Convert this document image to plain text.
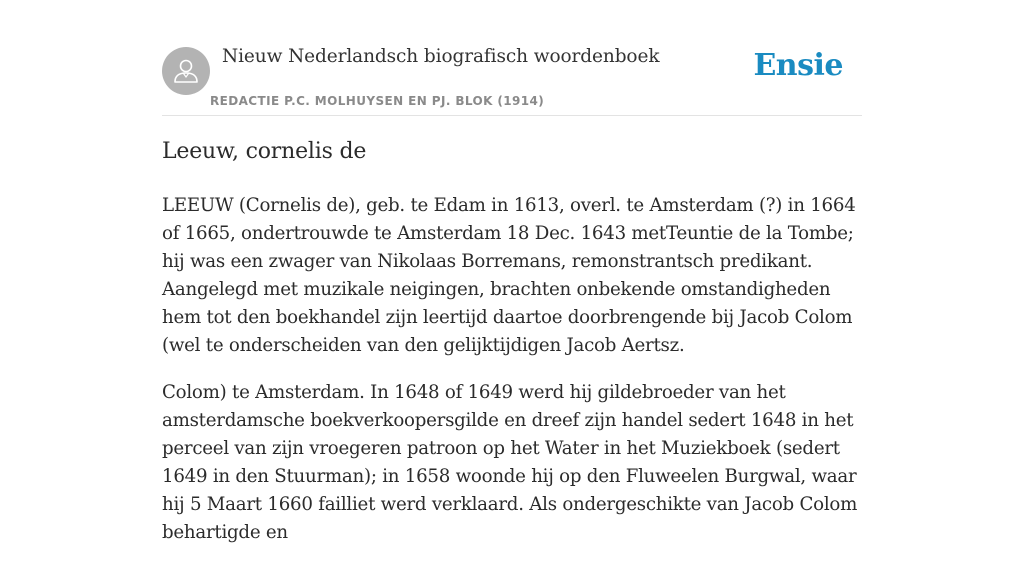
Nieuw Nederlandsch biografisch woordenboek
REDACTIE P.C. MOLHUYSEN EN PJ. BLOK (1914)
Ensie
Leeuw, cornelis de

LEEUW (Cornelis de), geb. te Edam in 1613, overl. te Amsterdam (?) in 1664 of 1665, ondertrouwde te Amsterdam 18 Dec. 1643 metTeuntie de la Tombe; hij was een zwager van Nikolaas Borremans, remonstrantsch predikant. Aangelegd met muzikale neigingen, brachten onbekende omstandigheden hem tot den boekhandel zijn leertijd daartoe doorbrengende bij Jacob Colom (wel te onderscheiden van den gelijktijdigen Jacob Aertsz.

Colom) te Amsterdam. In 1648 of 1649 werd hij gildebroeder van het amsterdamsche boekverkoopersgilde en dreef zijn handel sedert 1648 in het perceel van zijn vroegeren patroon op het Water in het Muziekboek (sedert 1649 in den Stuurman); in 1658 woonde hij op den Fluweelen Burgwal, waar hij 5 Maart 1660 failliet werd verklaard. Als ondergeschikte van Jacob Colom behartigde en
